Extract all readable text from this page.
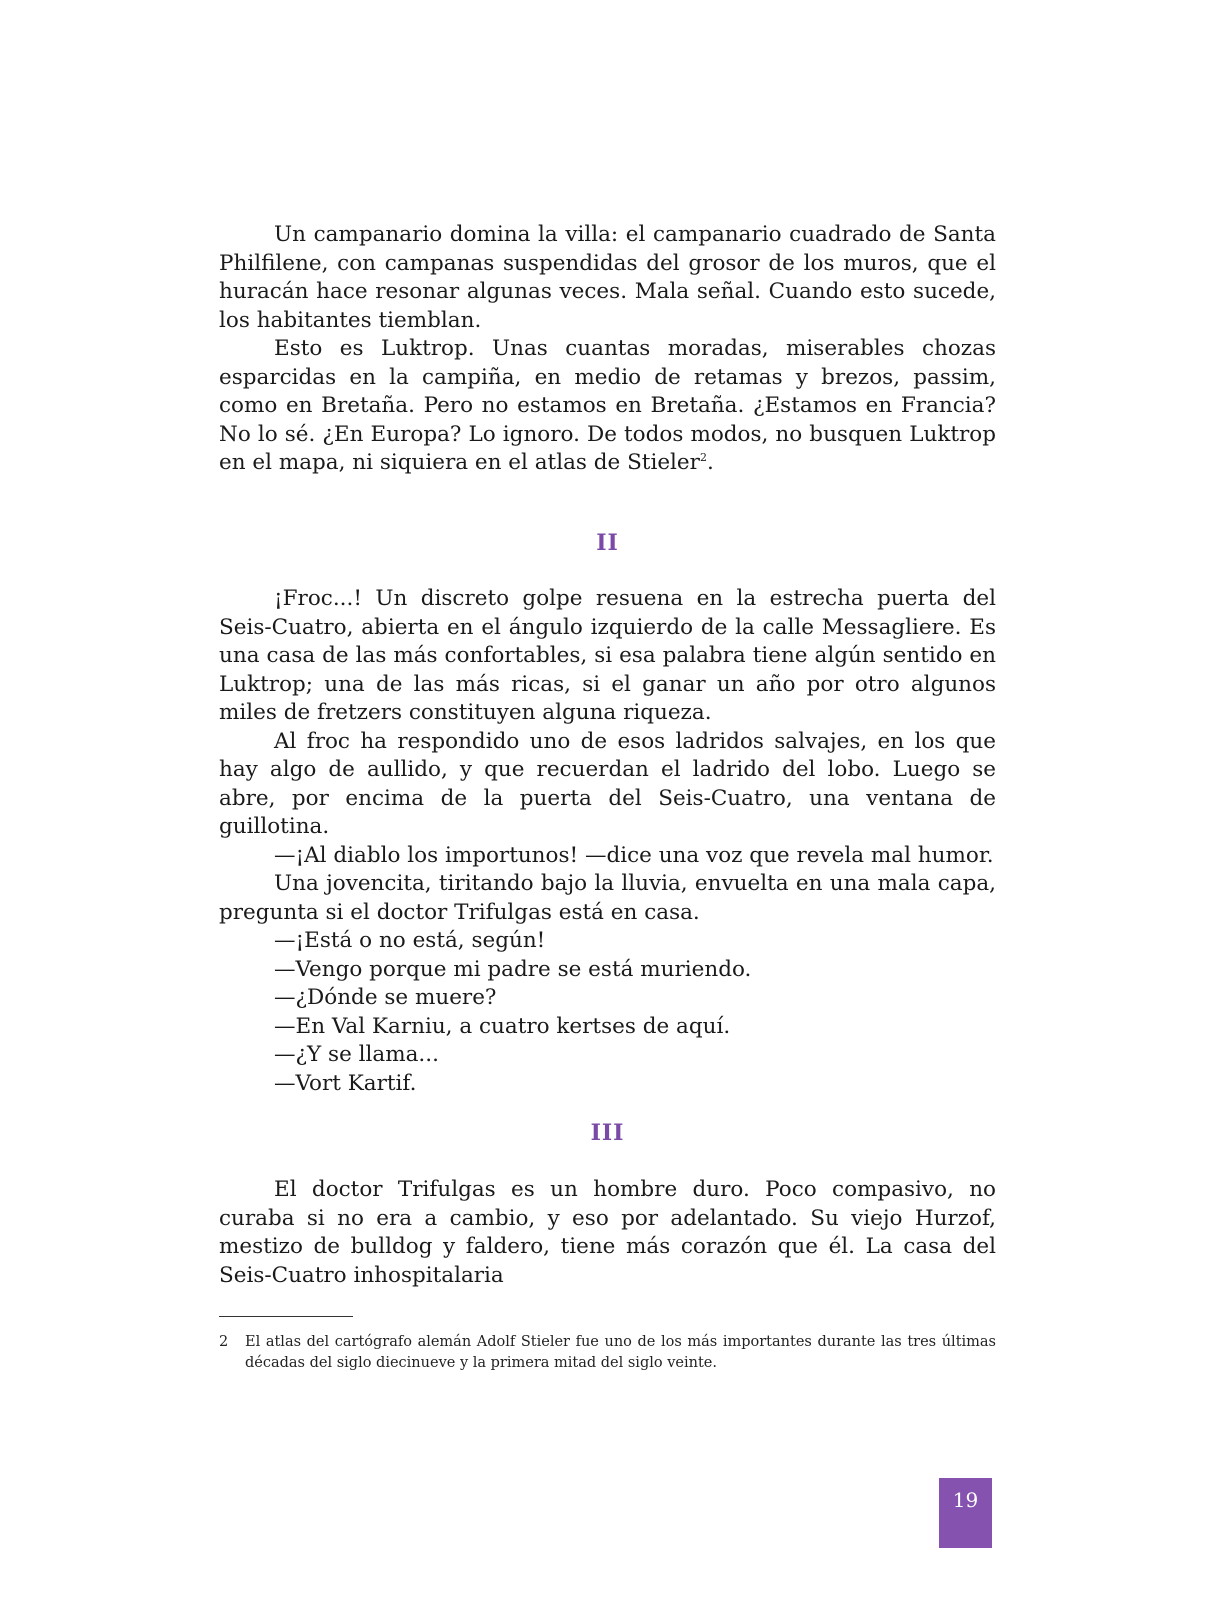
Un campanario domina la villa: el campanario cuadrado de Santa Philfilene, con campanas suspendidas del grosor de los muros, que el huracán hace resonar algunas veces. Mala señal. Cuando esto sucede, los habitantes tiemblan.

Esto es Luktrop. Unas cuantas moradas, miserables chozas esparcidas en la campiña, en medio de retamas y brezos, passim, como en Bretaña. Pero no estamos en Bretaña. ¿Estamos en Francia? No lo sé. ¿En Europa? Lo ignoro. De todos modos, no busquen Luktrop en el mapa, ni siquiera en el atlas de Stieler$^2$.

II

¡Froc...! Un discreto golpe resuena en la estrecha puerta del Seis-Cuatro, abierta en el ángulo izquierdo de la calle Messagliere. Es una casa de las más confortables, si esa palabra tiene algún sentido en Luktrop; una de las más ricas, si el ganar un año por otro algunos miles de fretzers constituyen alguna riqueza.

Al froc ha respondido uno de esos ladridos salvajes, en los que hay algo de aullido, y que recuerdan el ladrido del lobo. Luego se abre, por encima de la puerta del Seis-Cuatro, una ventana de guillotina.

—¡Al diablo los importunos! —dice una voz que revela mal humor.

Una jovencita, tiritando bajo la lluvia, envuelta en una mala capa, pregunta si el doctor Trifulgas está en casa.

—¡Está o no está, según!

—Vengo porque mi padre se está muriendo.

—¿Dónde se muere?

—En Val Karniu, a cuatro kertses de aquí.

—¿Y se llama...

—Vort Kartif.

III

El doctor Trifulgas es un hombre duro. Poco compasivo, no curaba si no era a cambio, y eso por adelantado. Su viejo Hurzof, mestizo de bulldog y faldero, tiene más corazón que él. La casa del Seis-Cuatro inhospitalaria

2	El atlas del cartógrafo alemán Adolf Stieler fue uno de los más importantes durante las tres últimas décadas del siglo diecinueve y la primera mitad del siglo veinte.
19
